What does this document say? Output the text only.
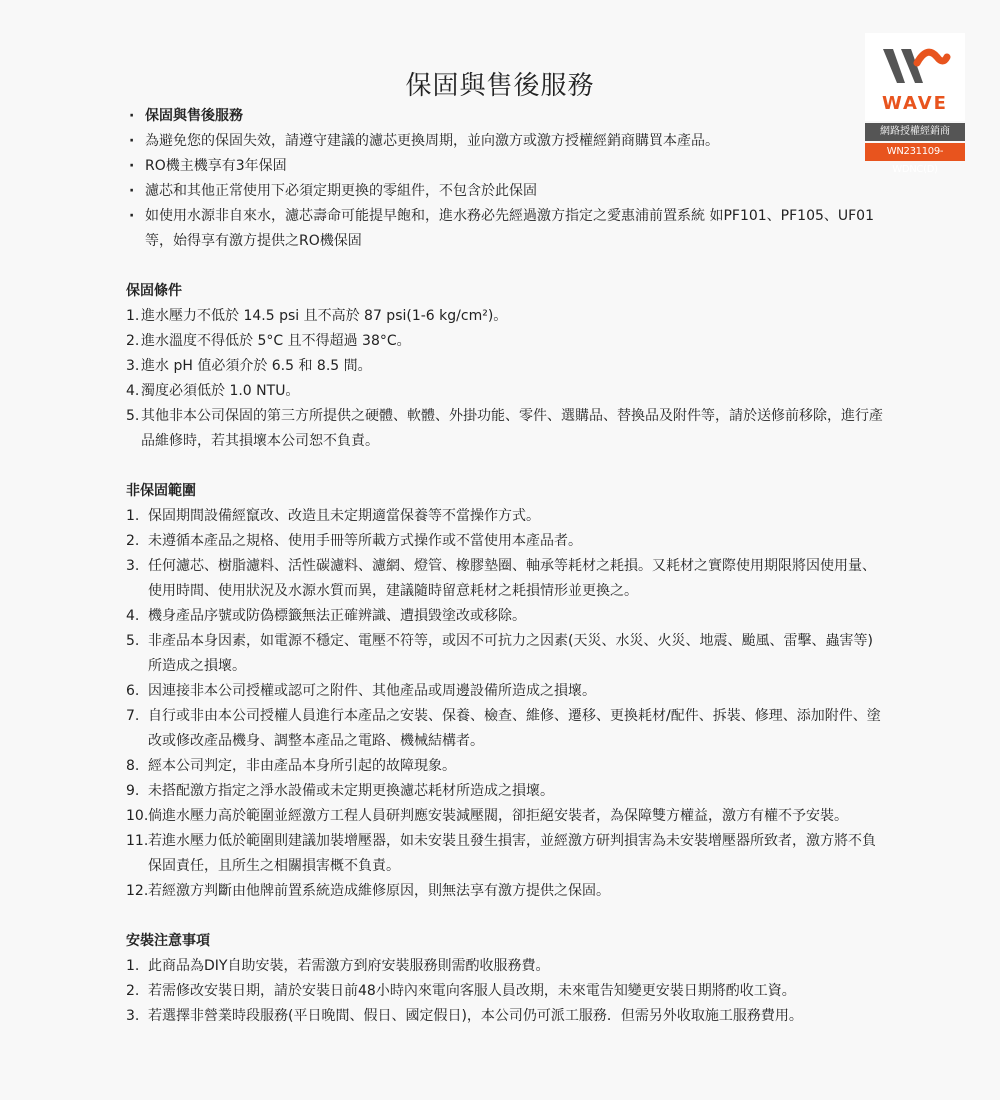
保固與售後服務
WAVE
網路授權經銷商
WN231109-WDNC(D)
· 保固與售後服務
· 為避免您的保固失效，請遵守建議的濾芯更換周期，並向激方或激方授權經銷商購買本產品。
· RO機主機享有3年保固
· 濾芯和其他正常使用下必須定期更換的零組件，不包含於此保固
· 如使用水源非自來水，濾芯壽命可能提早飽和，進水務必先經過激方指定之愛惠浦前置系統 如PF101、PF105、UF01等，始得享有激方提供之RO機保固
保固條件
1. 進水壓力不低於 14.5 psi 且不高於 87 psi(1-6 kg/cm²)。
2. 進水溫度不得低於 5°C 且不得超過 38°C。
3. 進水 pH 值必須介於 6.5 和 8.5 間。
4. 濁度必須低於 1.0 NTU。
5. 其他非本公司保固的第三方所提供之硬體、軟體、外掛功能、零件、選購品、替換品及附件等，請於送修前移除，進行產品維修時，若其損壞本公司恕不負責。
非保固範圍
1. 保固期間設備經竄改、改造且未定期適當保養等不當操作方式。
2. 未遵循本產品之規格、使用手冊等所載方式操作或不當使用本產品者。
3. 任何濾芯、樹脂濾料、活性碳濾料、濾網、燈管、橡膠墊圈、軸承等耗材之耗損。又耗材之實際使用期限將因使用量、使用時間、使用狀況及水源水質而異，建議隨時留意耗材之耗損情形並更換之。
4. 機身產品序號或防偽標籤無法正確辨識、遭損毀塗改或移除。
5. 非產品本身因素，如電源不穩定、電壓不符等，或因不可抗力之因素(天災、水災、火災、地震、颱風、雷擊、蟲害等)所造成之損壞。
6. 因連接非本公司授權或認可之附件、其他產品或周邊設備所造成之損壞。
7. 自行或非由本公司授權人員進行本產品之安裝、保養、檢查、維修、遷移、更換耗材/配件、拆裝、修理、添加附件、塗改或修改產品機身、調整本產品之電路、機械結構者。
8. 經本公司判定，非由產品本身所引起的故障現象。
9. 未搭配激方指定之淨水設備或未定期更換濾芯耗材所造成之損壞。
10. 倘進水壓力高於範圍並經激方工程人員研判應安裝減壓閥，卻拒絕安裝者，為保障雙方權益，激方有權不予安裝。
11. 若進水壓力低於範圍則建議加裝增壓器，如未安裝且發生損害，並經激方研判損害為未安裝增壓器所致者，激方將不負保固責任，且所生之相關損害概不負責。
12. 若經激方判斷由他牌前置系統造成維修原因，則無法享有激方提供之保固。
安裝注意事項
1. 此商品為DIY自助安裝，若需激方到府安裝服務則需酌收服務費。
2. 若需修改安裝日期，請於安裝日前48小時內來電向客服人員改期，未來電告知變更安裝日期將酌收工資。
3. 若選擇非營業時段服務(平日晚間、假日、國定假日)，本公司仍可派工服務．但需另外收取施工服務費用。
